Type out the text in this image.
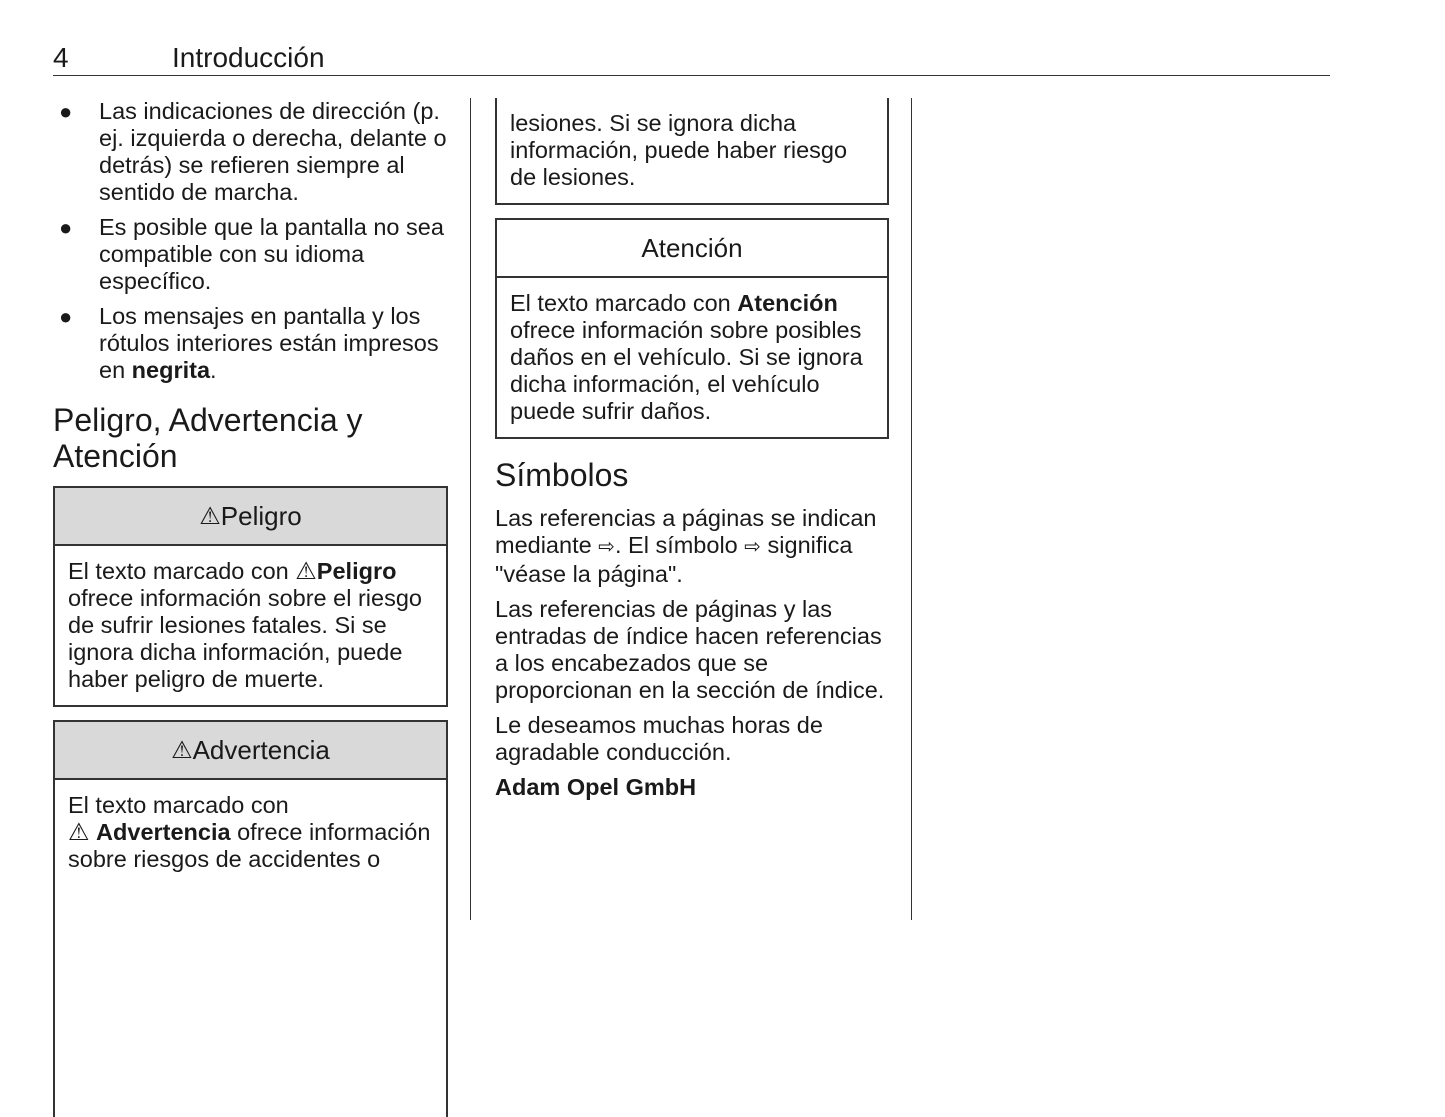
4	Introducción
● Las indicaciones de dirección (p. ej. izquierda o derecha, delante o detrás) se refieren siempre al sentido de marcha.
● Es posible que la pantalla no sea compatible con su idioma específico.
● Los mensajes en pantalla y los rótulos interiores están impresos en negrita.
Peligro, Advertencia y Atención
⚠ Peligro
El texto marcado con ⚠Peligro ofrece información sobre el riesgo de sufrir lesiones fatales. Si se ignora dicha información, puede haber peligro de muerte.
⚠ Advertencia
El texto marcado con
⚠ Advertencia ofrece información sobre riesgos de accidentes o
lesiones. Si se ignora dicha información, puede haber riesgo de lesiones.
Atención
El texto marcado con Atención ofrece información sobre posibles daños en el vehículo. Si se ignora dicha información, el vehículo puede sufrir daños.
Símbolos

Las referencias a páginas se indican mediante ⇨. El símbolo ⇨ significa "véase la página".

Las referencias de páginas y las entradas de índice hacen referencias a los encabezados que se proporcionan en la sección de índice.

Le deseamos muchas horas de agradable conducción.

Adam Opel GmbH
